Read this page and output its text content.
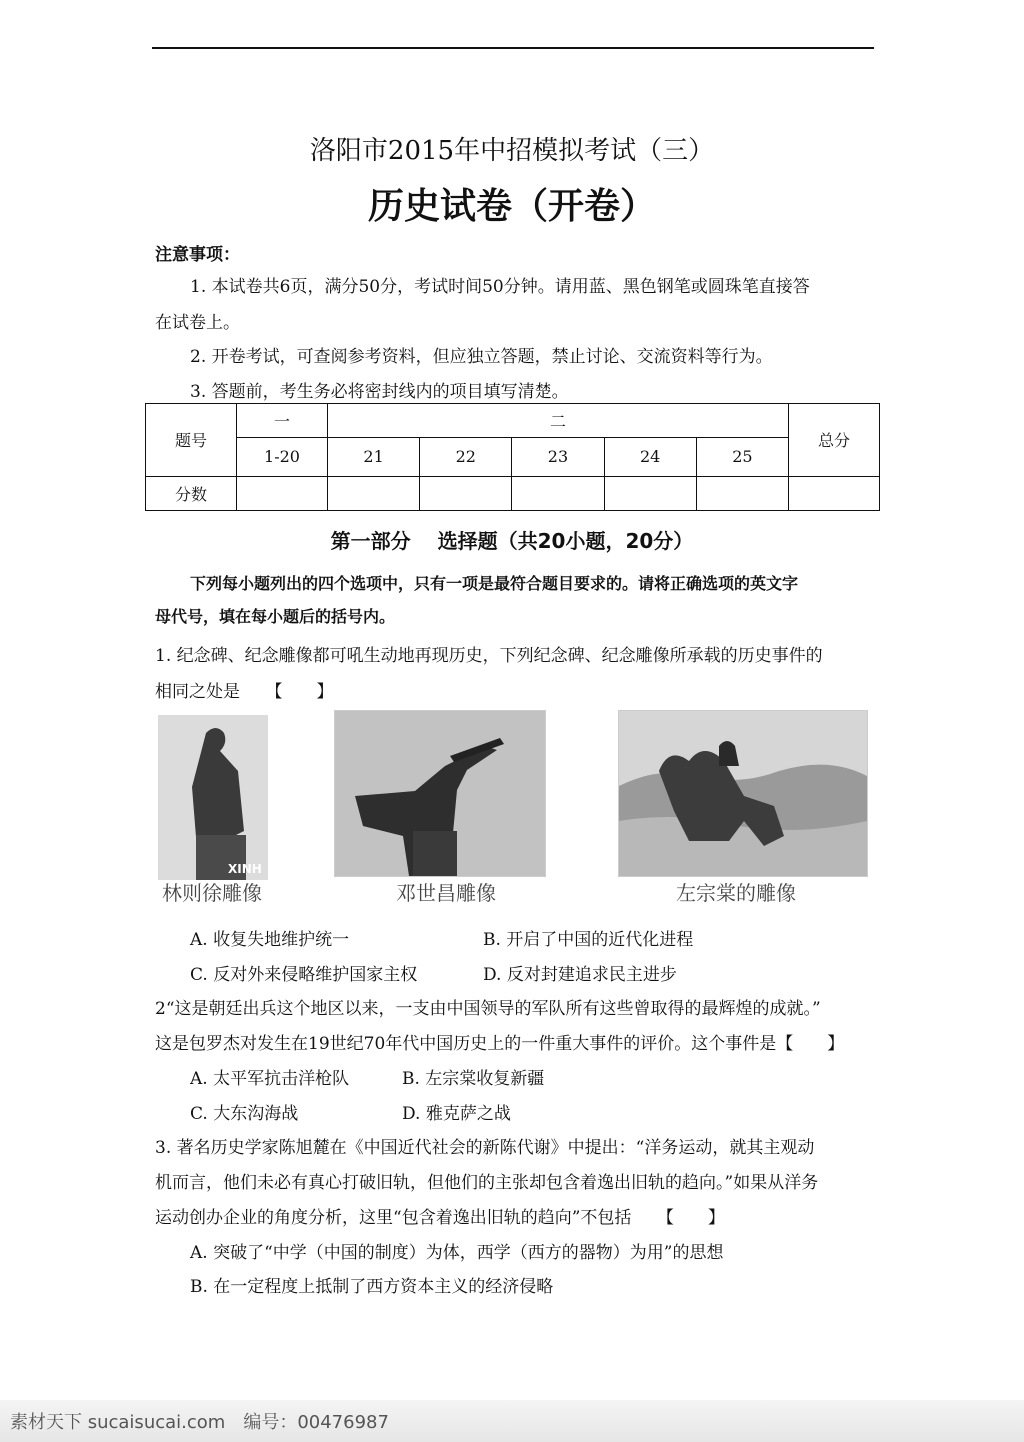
洛阳市2015年中招模拟考试（三）
历史试卷（开卷）
注意事项：
1. 本试卷共6页，满分50分，考试时间50分钟。请用蓝、黑色钢笔或圆珠笔直接答
在试卷上。
2. 开卷考试，可查阅参考资料，但应独立答题，禁止讨论、交流资料等行为。
3. 答题前，考生务必将密封线内的项目填写清楚。
题号	一	二					总分
	1-20	21	22	23	24	25	
分数							
第一部分　 选择题（共20小题，20分）
下列每小题列出的四个选项中，只有一项是最符合题目要求的。请将正确选项的英文字
母代号，填在每小题后的括号内。
1. 纪念碑、纪念雕像都可吼生动地再现历史，下列纪念碑、纪念雕像所承载的历史事件的
相同之处是　　【　　】
XINH
林则徐雕像	邓世昌雕像	左宗棠的雕像
A. 收复失地维护统一	B. 开启了中国的近代化进程
C. 反对外来侵略维护国家主权	D. 反对封建追求民主进步
2“这是朝廷出兵这个地区以来，一支由中国领导的军队所有这些曾取得的最辉煌的成就。”
这是包罗杰对发生在19世纪70年代中国历史上的一件重大事件的评价。这个事件是【　　】
A. 太平军抗击洋枪队	B. 左宗棠收复新疆
C. 大东沟海战	D. 雅克萨之战
3. 著名历史学家陈旭麓在《中国近代社会的新陈代谢》中提出：“洋务运动，就其主观动
机而言，他们未必有真心打破旧轨，但他们的主张却包含着逸出旧轨的趋向。”如果从洋务
运动创办企业的角度分析，这里“包含着逸出旧轨的趋向”不包括　　【　　】
A. 突破了“中学（中国的制度）为体，西学（西方的器物）为用”的思想
B. 在一定程度上抵制了西方资本主义的经济侵略
素材天下 sucaisucai.com　编号：00476987
